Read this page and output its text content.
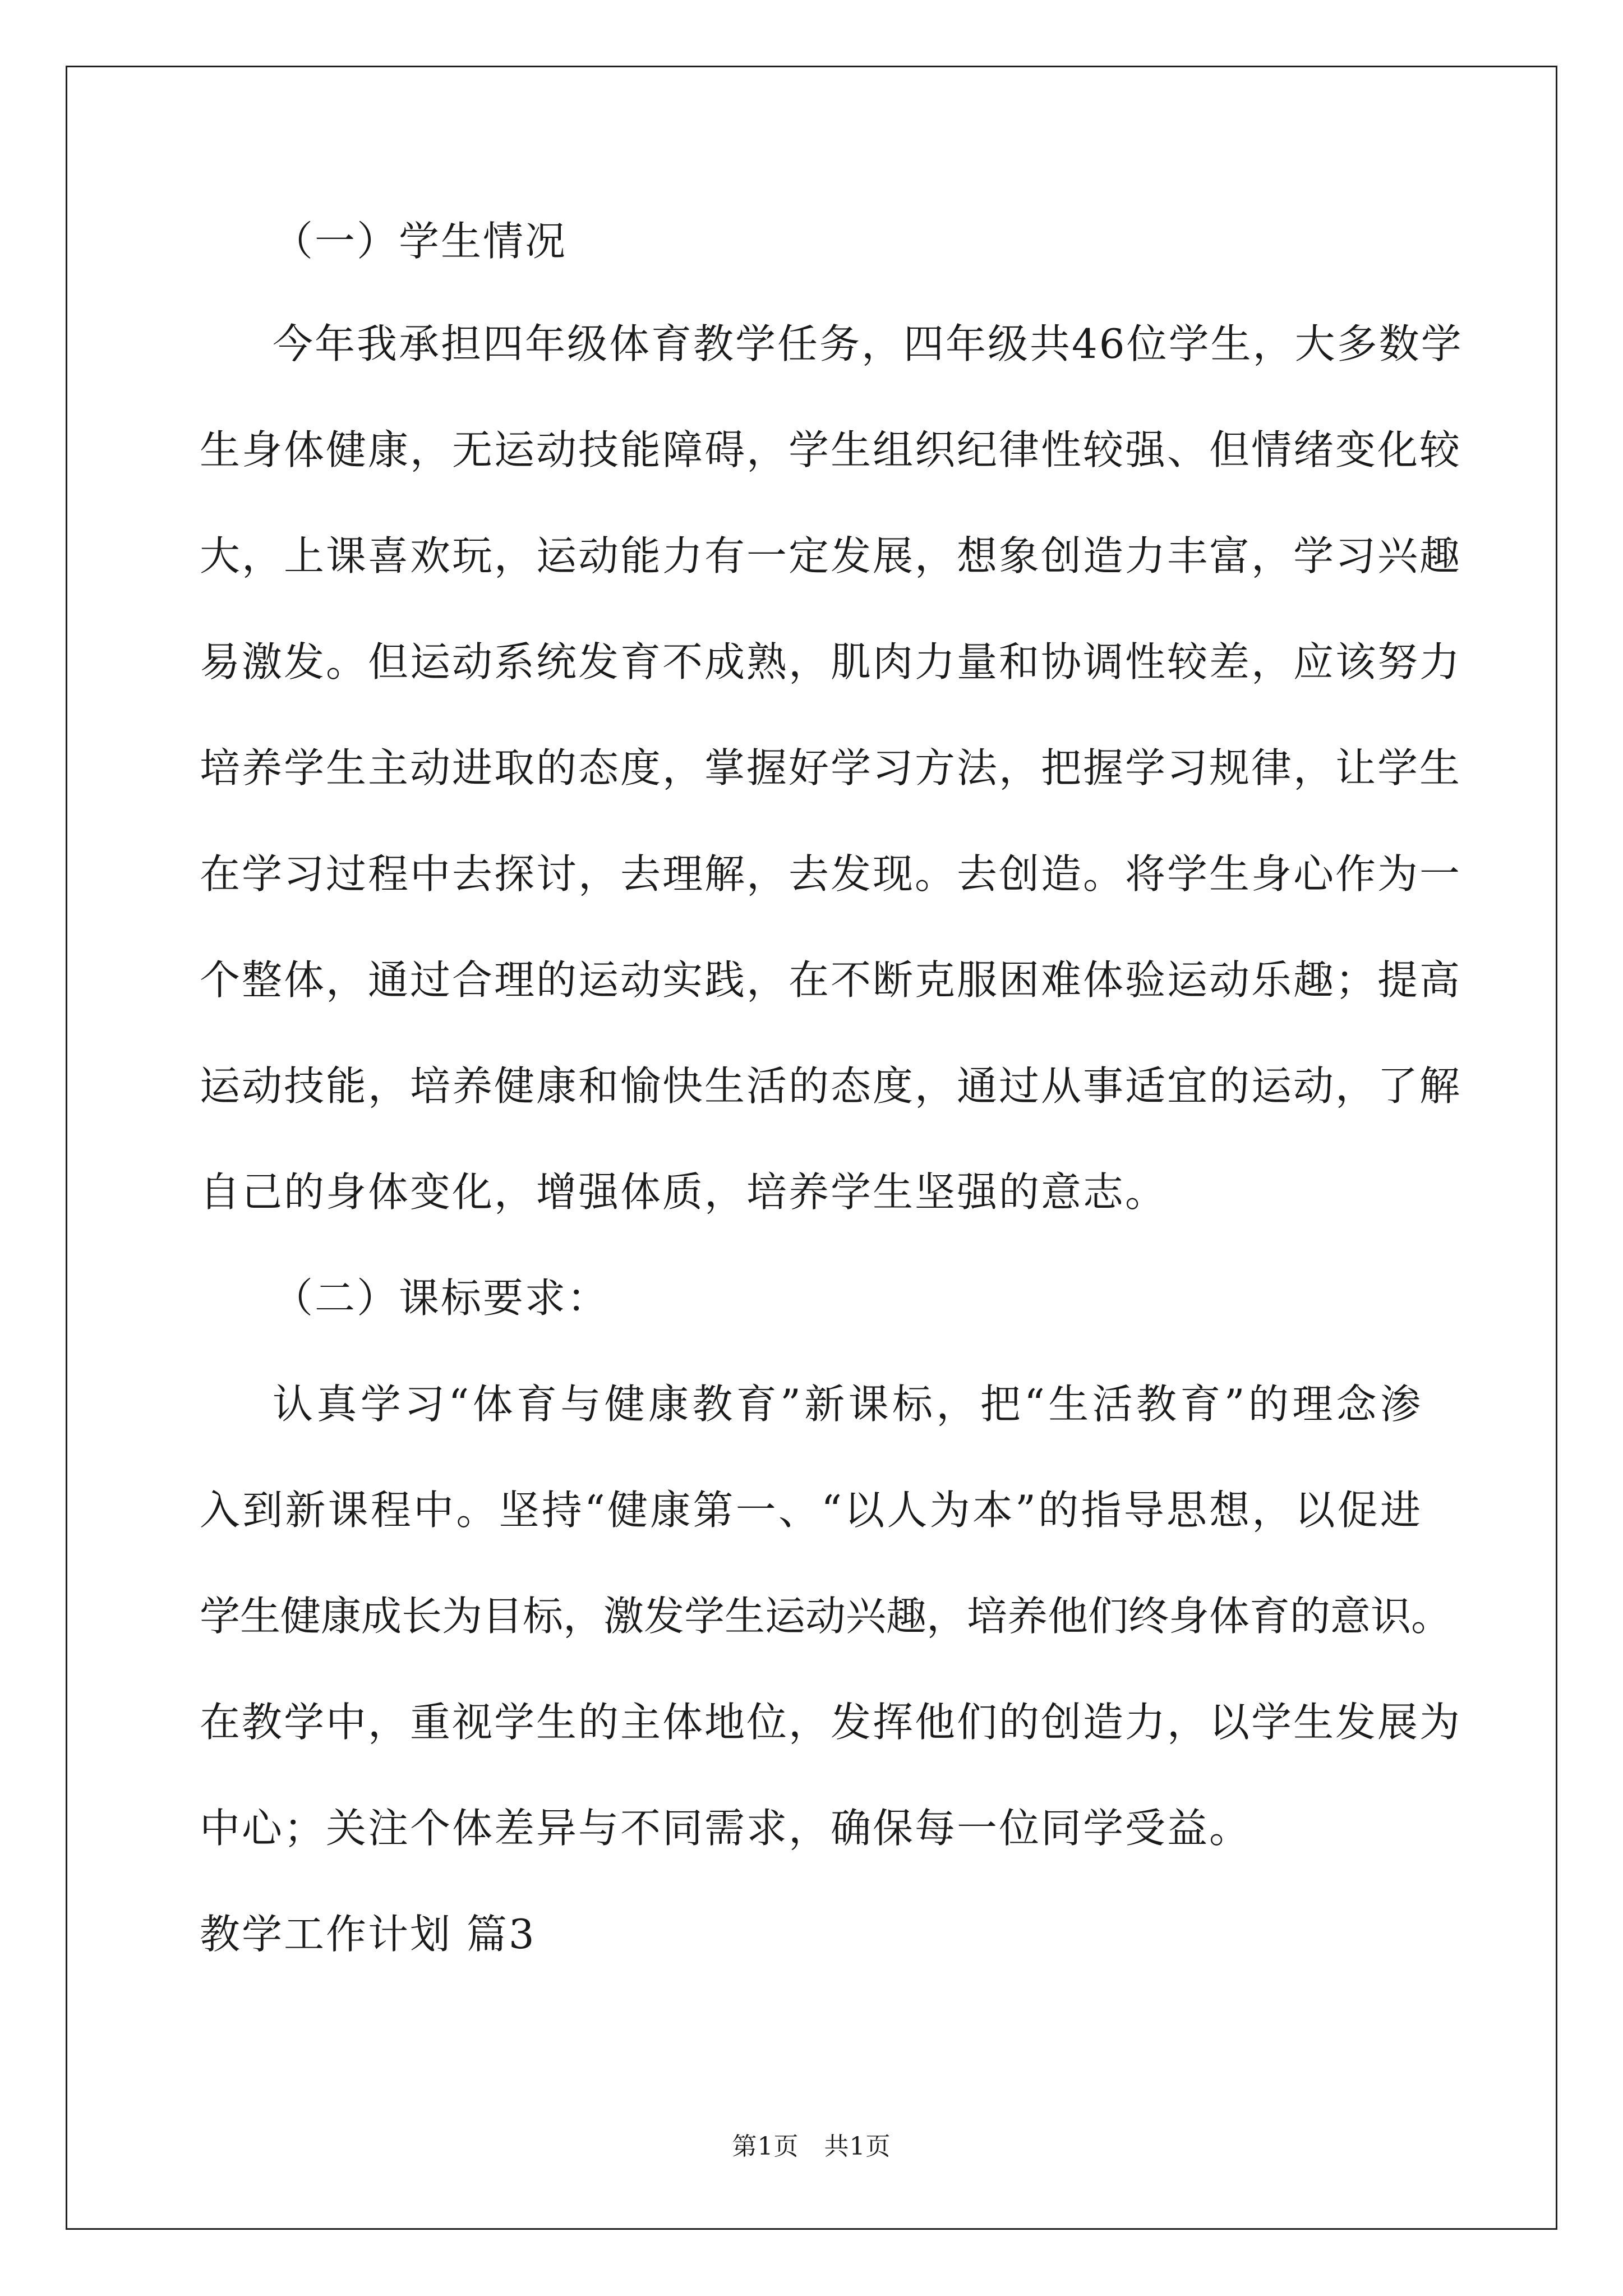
（一）学生情况
今年我承担四年级体育教学任务，四年级共46位学生，大多数学
生身体健康，无运动技能障碍，学生组织纪律性较强、但情绪变化较
大，上课喜欢玩，运动能力有一定发展，想象创造力丰富，学习兴趣
易激发。但运动系统发育不成熟，肌肉力量和协调性较差，应该努力
培养学生主动进取的态度，掌握好学习方法，把握学习规律，让学生
在学习过程中去探讨，去理解，去发现。去创造。将学生身心作为一
个整体，通过合理的运动实践，在不断克服困难体验运动乐趣；提高
运动技能，培养健康和愉快生活的态度，通过从事适宜的运动，了解
自己的身体变化，增强体质，培养学生坚强的意志。
（二）课标要求：
认真学习“体育与健康教育”新课标，把“生活教育”的理念渗
入到新课程中。坚持“健康第一、“以人为本”的指导思想，以促进
学生健康成长为目标，激发学生运动兴趣，培养他们终身体育的意识。
在教学中，重视学生的主体地位，发挥他们的创造力，以学生发展为
中心；关注个体差异与不同需求，确保每一位同学受益。
教学工作计划 篇3
第1页　共1页
